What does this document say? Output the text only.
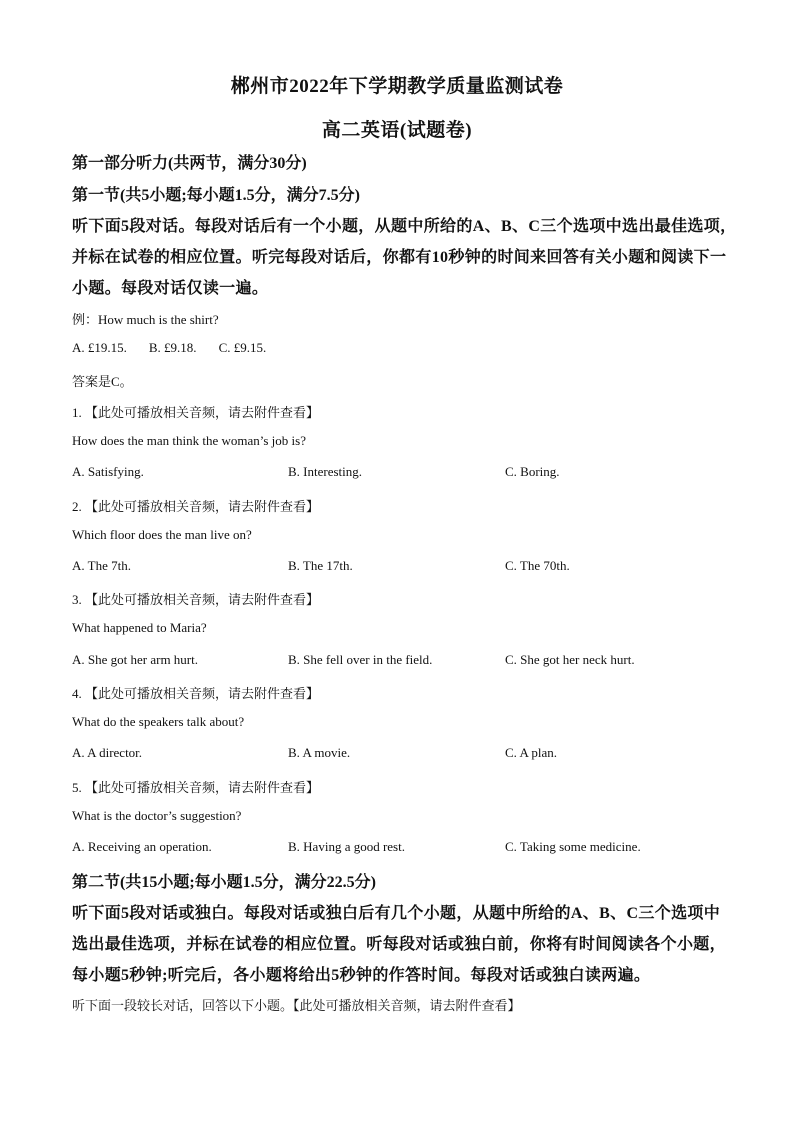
郴州市2022年下学期教学质量监测试卷
高二英语(试题卷)
第一部分听力(共两节，满分30分)
第一节(共5小题;每小题1.5分，满分7.5分)
听下面5段对话。每段对话后有一个小题，从题中所给的A、B、C三个选项中选出最佳选项，
并标在试卷的相应位置。听完每段对话后，你都有10秒钟的时间来回答有关小题和阅读下一
小题。每段对话仅读一遍。
例：How much is the shirt?
A. £19.15. B. £9.18. C. £9.15.
答案是C。
1. 【此处可播放相关音频，请去附件查看】
How does the man think the woman’s job is?
A. Satisfying.	B. Interesting.	C. Boring.
2. 【此处可播放相关音频，请去附件查看】
Which floor does the man live on?
A. The 7th.	B. The 17th.	C. The 70th.
3. 【此处可播放相关音频，请去附件查看】
What happened to Maria?
A. She got her arm hurt.	B. She fell over in the field.	C. She got her neck hurt.
4. 【此处可播放相关音频，请去附件查看】
What do the speakers talk about?
A. A director.	B. A movie.	C. A plan.
5. 【此处可播放相关音频，请去附件查看】
What is the doctor’s suggestion?
A. Receiving an operation.	B. Having a good rest.	C. Taking some medicine.
第二节(共15小题;每小题1.5分，满分22.5分)
听下面5段对话或独白。每段对话或独白后有几个小题，从题中所给的A、B、C三个选项中
选出最佳选项，并标在试卷的相应位置。听每段对话或独白前，你将有时间阅读各个小题，
每小题5秒钟;听完后，各小题将给出5秒钟的作答时间。每段对话或独白读两遍。
听下面一段较长对话，回答以下小题。【此处可播放相关音频，请去附件查看】
